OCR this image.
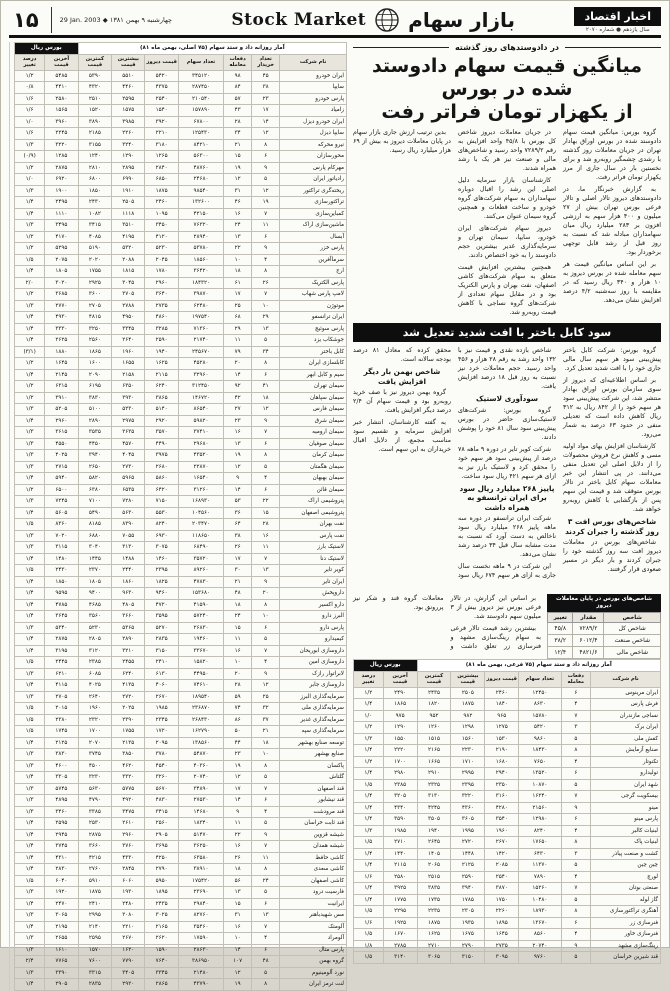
۱۵	29 Jan. 2003 ◆ چهارشنبه ۹ بهمن ۱۳۸۱	Stock Market بازار سهام	اخبار اقتصاد
سال یازدهم ● شماره ۲۰۷۰
آمار روزانه داد و ستد سهام (۷۵ اصلی، بهمن ماه ۸۱)							بورس ریال	
نام شرکت	تعداد خریدار	دفعات معامله	تعداد سهام	قیمت دیروز	بیشترین قیمت	کمترین قیمت	آخرین قیمت	درصد تغییر
ایران خودرو	۴۵	۹۸	۳۴۵۱۲۰	۵۴۲۰	۵۵۱۰	۵۳۹۰	۵۴۸۵	۱/۲
سایپا	۳۸	۸۴	۲۸۷۴۵۰	۴۳۷۵	۴۴۶۰	۴۳۲۰	۴۴۱۰	۰/۸
پارس خودرو	۲۳	۵۷	۲۱۰۵۴۰	۲۵۴۰	۲۵۹۵	۲۵۱۰	۲۵۸۰	۱/۶
زامیاد	۱۷	۴۳	۱۵۷۸۹۰	۱۵۴۰	۱۵۷۵	۱۵۲۰	۱۵۶۵	۱/۶
ایران خودرو دیزل	۱۴	۲۸	۶۷۸۰۰	۳۹۲۰	۳۹۸۵	۳۸۹۰	۳۹۶۰	۱/۰
سایپا دیزل	۱۲	۳۴	۱۲۵۴۳۰	۲۲۱۰	۲۲۶۰	۲۱۸۵	۲۲۴۵	۱/۶
نیرو محرکه	۸	۲۱	۸۴۲۱۰	۳۱۸۰	۳۲۴۰	۳۱۵۵	۳۲۲۰	۱/۳
محورسازان	۶	۱۵	۵۶۳۰۰	۱۲۶۵	۱۲۹۰	۱۲۴۰	۱۲۸۵	(۰/۹)
مهرکام پارس	۹	۱۹	۴۸۷۶۰	۲۸۴۰	۲۸۹۵	۲۸۱۰	۲۸۷۵	۱/۲
رادیاتور ایران	۵	۱۲	۲۴۶۸۰	۶۸۵۰	۶۹۹۰	۶۸۰۰	۶۹۲۰	۱/۰
ریخته‌گری تراکتور	۱۲	۳۱	۹۸۵۴۰	۱۸۷۵	۱۹۱۰	۱۸۵۰	۱۹۰۰	۱/۳
تراکتورسازی	۱۹	۴۶	۱۳۲۶۰۰	۲۴۶۰	۲۵۰۵	۲۴۳۰	۲۴۹۵	۱/۴
کمباین‌سازی	۷	۱۶	۴۲۱۵۰	۱۰۹۵	۱۱۱۸	۱۰۸۲	۱۱۱۰	۱/۴
ماشین‌سازی اراک	۱۱	۲۴	۷۶۳۲۰	۳۴۵۰	۳۵۱۰	۳۴۱۵	۳۴۹۵	۱/۳
آبسال	۶	۱۳	۲۸۹۴۰	۴۱۲۰	۴۱۹۵	۴۰۸۵	۴۱۷۰	۱/۲
پارس خزر	۹	۲۲	۵۳۷۸۰	۵۲۳۰	۵۳۲۰	۵۱۹۰	۵۲۹۵	۱/۲
سرماآفرین	۴	۱۰	۱۸۵۶۰	۲۰۴۵	۲۰۸۸	۲۰۲۰	۲۰۷۵	۱/۵
ارج	۸	۱۸	۳۶۴۲۰	۱۷۸۰	۱۸۱۵	۱۷۵۵	۱۸۰۵	۱/۴
پارس الکتریک	۲۶	۶۱	۱۸۴۳۲۰	۲۹۶۰	۳۰۴۵	۲۹۲۵	۳۰۲۰	۲/۰
لامپ پارس شهاب	۷	۱۷	۳۹۸۷۰	۳۶۴۰	۳۷۰۵	۳۶۰۰	۳۶۸۵	۱/۲
موتوژن	۱۰	۲۵	۶۲۴۸۰	۲۷۳۵	۲۷۸۸	۲۷۰۵	۲۷۷۰	۱/۳
ایران ترانسفو	۲۹	۶۸	۱۹۷۵۴۰	۴۸۶۰	۴۹۵۰	۴۸۱۵	۴۹۳۰	۱/۴
پارس سوئیچ	۱۳	۲۹	۷۱۳۶۰	۳۲۸۵	۳۳۴۵	۳۲۵۰	۳۳۳۰	۱/۴
جوشکاب یزد	۵	۱۱	۲۱۷۴۰	۲۵۹۰	۲۶۴۰	۲۵۶۰	۲۶۲۵	۱/۴
کابل باختر	۳۴	۷۹	۲۴۵۶۷۰	۱۹۴۰	۱۹۶۰	۱۸۶۵	۱۸۸۰	(۳/۱)
کابلسازی ایران	۸	۲۰	۴۵۲۸۰	۱۶۲۵	۱۶۵۵	۱۶۰۰	۱۶۴۵	۱/۲
سیم و کابل ابهر	۶	۱۴	۳۲۹۶۰	۲۱۱۵	۲۱۵۸	۲۰۹۰	۲۱۴۵	۱/۴
سیمان تهران	۴۱	۹۲	۳۱۲۴۵۰	۶۲۴۰	۶۳۵۰	۶۱۹۵	۶۳۱۵	۱/۲
سیمان سپاهان	۱۸	۴۲	۱۴۶۷۲۰	۳۸۶۵	۳۹۳۰	۳۸۳۰	۳۹۱۰	۱/۲
سیمان فارس	۱۲	۲۷	۸۶۵۴۰	۵۱۴۰	۵۲۳۰	۵۱۰۰	۵۲۰۵	۱/۳
سیمان شرق	۹	۲۳	۵۹۸۲۰	۲۹۲۰	۲۹۷۵	۲۸۹۰	۲۹۶۰	۱/۴
سیمان ارومیه	۷	۱۶	۳۷۴۱۰	۳۵۷۰	۳۶۳۵	۳۵۳۵	۳۶۱۵	۱/۳
سیمان صوفیان	۶	۱۳	۲۹۶۸۰	۴۴۹۰	۴۵۷۰	۴۴۵۰	۴۵۵۰	۱/۳
سیمان کرمان	۸	۱۹	۴۳۵۲۰	۳۹۷۵	۴۰۴۵	۳۹۴۰	۴۰۲۵	۱/۳
سیمان هگمتان	۵	۱۲	۲۲۸۷۰	۲۶۸۰	۲۷۳۰	۲۶۵۰	۲۷۱۵	۱/۳
سیمان بهبهان	۴	۹	۱۶۵۴۰	۵۸۶۰	۵۹۶۵	۵۸۲۰	۵۹۴۰	۱/۴
سیمان قائن	۶	۱۴	۳۱۲۶۰	۶۴۲۰	۶۵۳۵	۶۳۸۰	۶۵۰۰	۱/۲
پتروشیمی اراک	۲۲	۵۳	۱۶۸۹۳۰	۷۱۵۰	۷۲۸۰	۷۱۰۰	۷۲۴۵	۱/۳
پتروشیمی اصفهان	۱۵	۳۶	۱۰۴۵۶۰	۵۵۳۰	۵۶۳۰	۵۴۹۰	۵۶۰۵	۱/۴
نفت بهران	۲۸	۶۴	۲۰۳۴۷۰	۸۲۴۰	۸۳۹۰	۸۱۸۵	۸۳۶۰	۱/۵
نفت پارس	۱۶	۳۸	۱۱۸۶۵۰	۶۹۳۰	۷۰۵۵	۶۸۸۰	۷۰۲۰	۱/۳
لاستیک بارز	۱۱	۲۶	۶۸۴۹۰	۳۰۷۵	۳۱۳۰	۳۰۴۰	۳۱۱۵	۱/۳
لاستیک دنا	۷	۱۷	۳۵۷۲۰	۱۴۶۰	۱۴۸۸	۱۴۴۵	۱۴۸۰	۱/۴
کویر تایر	۱۳	۳۰	۸۹۲۶۰	۲۳۹۵	۲۴۴۰	۲۳۷۰	۲۴۳۰	۱/۵
ایران تایر	۹	۲۱	۴۷۸۳۰	۱۸۲۵	۱۸۶۰	۱۸۰۵	۱۸۵۰	۱/۴
داروپخش	۲۰	۴۸	۱۵۳۶۸۰	۹۴۶۰	۹۶۳۰	۹۴۰۰	۹۵۹۵	۱/۴
دارو اکسیر	۸	۱۸	۴۱۵۹۰	۴۷۲۰	۴۸۰۵	۴۶۸۵	۴۷۸۵	۱/۴
البرز دارو	۱۰	۲۴	۵۷۲۴۰	۳۵۹۵	۳۶۶۰	۳۵۶۰	۳۶۴۵	۱/۴
پارس دارو	۶	۱۵	۲۶۸۳۰	۵۲۷۰	۵۳۶۵	۵۲۳۰	۵۳۴۰	۱/۳
کیمیدارو	۵	۱۱	۱۹۴۶۰	۲۸۳۵	۲۸۹۰	۲۸۰۵	۲۸۷۵	۱/۴
داروسازی ابوریحان	۷	۱۶	۳۳۶۷۰	۳۱۵۰	۳۲۱۰	۳۱۲۰	۳۱۹۵	۱/۴
داروسازی امین	۴	۱۰	۱۵۸۲۰	۲۴۱۰	۲۴۵۵	۲۳۸۵	۲۴۴۵	۱/۵
لابراتوار رازک	۹	۲۰	۴۴۹۵۰	۶۱۳۰	۶۲۴۰	۶۰۸۵	۶۲۱۰	۱/۳
داروسازی جابر	۱۲	۲۸	۷۴۶۱۰	۴۰۶۰	۴۱۳۵	۴۰۲۵	۴۱۱۵	۱/۴
سرمایه‌گذاری البرز	۲۵	۵۹	۱۸۹۵۴۰	۲۶۷۰	۲۷۲۰	۲۶۴۰	۲۷۰۵	۱/۳
سرمایه‌گذاری ملی	۳۲	۷۴	۲۳۶۸۷۰	۱۹۸۵	۲۰۲۵	۱۹۶۰	۲۰۱۵	۱/۵
سرمایه‌گذاری غدیر	۳۷	۸۶	۲۶۸۴۳۰	۲۳۴۵	۲۳۹۰	۲۳۲۰	۲۳۸۰	۱/۵
سرمایه‌گذاری سپه	۲۱	۵۰	۱۶۲۷۹۰	۱۷۲۰	۱۷۵۵	۱۷۰۰	۱۷۴۵	۱/۵
توسعه صنایع بهشهر	۱۸	۴۴	۱۳۸۵۶۰	۲۰۹۵	۲۱۳۵	۲۰۷۰	۲۱۲۵	۱/۴
صنایع بهشهر	۱۰	۲۳	۵۴۸۷۰	۳۷۸۰	۳۸۵۰	۳۷۴۵	۳۸۳۰	۱/۳
پاکسان	۸	۱۹	۴۰۳۶۰	۴۵۴۰	۴۶۲۰	۴۵۰۰	۴۶۰۰	۱/۳
گلتاش	۵	۱۲	۲۰۷۴۰	۳۲۶۰	۳۳۲۰	۳۲۳۰	۳۳۰۵	۱/۴
قند اصفهان	۷	۱۷	۳۴۸۹۰	۵۶۷۰	۵۷۷۵	۵۶۳۰	۵۷۴۵	۱/۳
قند نیشابور	۶	۱۴	۲۷۵۳۰	۴۸۳۰	۴۹۲۰	۴۷۹۰	۴۸۹۵	۱/۳
قند مرودشت	۴	۹	۱۴۶۸۰	۳۴۱۵	۳۴۷۵	۳۳۸۵	۳۴۶۰	۱/۳
قند ثابت خراسان	۵	۱۱	۱۸۳۴۰	۲۵۶۰	۲۶۱۰	۲۵۳۰	۲۵۹۵	۱/۴
شیشه قزوین	۹	۲۲	۵۱۴۷۰	۲۹۰۵	۲۹۶۰	۲۸۷۵	۲۹۴۵	۱/۴
شیشه همدان	۷	۱۶	۳۶۲۵۰	۳۶۹۵	۳۷۶۰	۳۶۶۰	۳۷۴۵	۱/۴
کاشی حافظ	۱۱	۲۶	۶۳۵۸۰	۴۲۵۰	۴۳۳۰	۴۲۱۵	۴۳۱۰	۱/۴
کاشی سعدی	۸	۱۸	۳۸۹۱۰	۲۷۹۰	۲۸۴۵	۲۷۶۰	۲۸۳۰	۱/۴
کاشی اصفهان	۲۴	۵۶	۱۷۵۴۲۰	۵۹۵۰	۶۰۶۰	۵۹۱۰	۶۰۴۰	۱/۵
فارسیت درود	۵	۱۳	۲۳۶۹۰	۱۸۹۵	۱۹۳۰	۱۸۷۵	۱۹۲۰	۱/۳
ایرانیت	۶	۱۵	۲۹۸۴۰	۲۴۳۵	۲۴۸۰	۲۴۱۰	۲۴۷۰	۱/۴
مس شهیدباهنر	۱۳	۳۱	۸۲۷۶۰	۳۰۲۵	۳۰۸۰	۲۹۹۵	۳۰۶۵	۱/۳
آلومتک	۷	۱۶	۳۵۴۶۰	۲۱۶۵	۲۲۱۰	۲۱۴۰	۲۱۹۵	۱/۴
آلومراد	۴	۱۰	۱۷۵۹۰	۲۶۲۰	۲۶۷۰	۲۵۹۵	۲۶۵۵	۱/۳
پارس متال	۶	۱۴	۲۸۶۳۰	۱۵۹۰	۱۶۲۰	۱۵۷۰	۱۶۱۰	۱/۳
گروه بهمن	۴۸	۱۰۷	۳۸۶۹۵۰	۷۶۴۰	۷۷۹۰	۷۶۰۰	۷۷۶۵	۲/۴
نورد آلومینیوم	۵	۱۲	۲۱۴۸۰	۳۳۴۵	۳۴۰۵	۳۳۱۵	۳۳۹۰	۱/۳
لنت ترمز ایران	۸	۱۹	۴۳۷۹۰	۲۸۶۵	۲۹۲۰	۲۸۳۵	۲۹۰۵	۱/۴
در دادوستدهای روز گذشته
میانگین قیمت سهام دادوستد شده در بورس
از یکهزار تومان فراتر رفت

گروه بورس: میانگین قیمت سهام دادوستد شده در بورس اوراق بهادار تهران در جریان معاملات روز گذشته با رشدی چشمگیر روبه‌رو شد و برای نخستین بار در سال جاری از مرز یکهزار تومان فراتر رفت.

به گزارش خبرنگار ما، در دادوستدهای دیروز تالار اصلی و تالار فرعی بورس تهران بیش از ۲۷ میلیون و ۴۰۰ هزار سهم به ارزشی افزون بر ۲۸۳ میلیارد ریال میان سهامداران مبادله شد که نسبت به روز قبل از رشد قابل توجهی برخوردار بود.

بر این اساس میانگین قیمت هر سهم معامله شده در بورس دیروز به ۱۰ هزار و ۳۴۰ ریال رسید که در مقایسه با روز سه‌شنبه ۴/۲ درصد افزایش نشان می‌دهد.

در جریان معاملات دیروز شاخص کل بورس با ۴۵/۸ واحد افزایش به رقم ۷۲۸۹/۲ واحد رسید و شاخص‌های مالی و صنعت نیز هر یک با رشد همراه شدند.

کارشناسان بازار سرمایه دلیل اصلی این رشد را اقبال دوباره سهامداران به سهام شرکت‌های گروه خودرو و ساخت قطعات و همچنین گروه سیمان عنوان می‌کنند.

دیروز سهام شرکت‌های ایران خودرو، سایپا، سیمان تهران و سرمایه‌گذاری غدیر بیشترین حجم دادوستد را به خود اختصاص دادند.

همچنین بیشترین افزایش قیمت متعلق به سهام شرکت‌های کاشی اصفهان، نفت بهران و پارس الکتریک بود و در مقابل سهام تعدادی از شرکت‌های گروه نساجی با کاهش قیمت روبه‌رو شد.

بدین ترتیب ارزش جاری بازار سهام در پایان معاملات دیروز به بیش از ۶۹ هزار میلیارد ریال رسید.

سود کابل باختر با افت شدید تعدیل شد

گروه بورس: شرکت کابل باختر پیش‌بینی سود هر سهم سال مالی جاری خود را با افت شدید تعدیل کرد.

بر اساس اطلاعیه‌ای که دیروز از سوی سازمان بورس اوراق بهادار منتشر شد، این شرکت پیش‌بینی سود هر سهم خود را از ۸۴۲ ریال به ۳۱۲ ریال کاهش داده است که تعدیلی منفی در حدود ۶۳ درصد به شمار می‌رود.

کارشناسان افزایش بهای مواد اولیه مسی و کاهش نرخ فروش محصولات را از دلایل اصلی این تعدیل منفی می‌دانند. در پی انتشار این خبر معاملات سهام کابل باختر در تالار بورس متوقف شد و قیمت این سهم پس از بازگشایی با کاهش روبه‌رو خواهد شد.

شاخص‌های بورس افت ۳ روز گذشته را جبران کردند

شاخص‌های بورس در معاملات دیروز افت سه روز گذشته خود را جبران کردند و بار دیگر در مسیر صعودی قرار گرفتند.

شاخص بازده نقدی و قیمت نیز با ۱۳۲ واحد رشد به رقم ۲۸ هزار و ۴۵۶ واحد رسید. حجم معاملات خرد نیز نسبت به روز قبل ۱۸ درصد افزایش یافت.

سودآوری لاستیک

گروه بورس: شرکت‌های لاستیک‌سازی حاضر در بورس پیش‌بینی سود سال ۸۱ خود را پوشش دادند.

شرکت کویر تایر در دوره ۹ ماهه ۷۸ درصد از پیش‌بینی سود هر سهم خود را محقق کرد و لاستیک بارز نیز به ازای هر سهم ۴۲۱ ریال سود ساخت.

پاییز ۲۶۸ میلیارد ریال سود برای ایران ترانسفو به همراه داشت

شرکت ایران ترانسفو در دوره سه ماهه پاییز ۲۶۸ میلیارد ریال سود ناخالص به دست آورد که نسبت به مدت مشابه سال قبل ۳۴ درصد رشد نشان می‌دهد.

این شرکت در ۹ ماهه نخست سال جاری به ازای هر سهم ۶۷۴ ریال سود محقق کرده که معادل ۸۱ درصد بودجه سالانه است.

شاخص بهمن بار دیگر افزایش یافت

گروه بهمن دیروز نیز با صف خرید روبه‌رو بود و قیمت سهام آن ۲/۴ درصد دیگر افزایش یافت.

به گفته کارشناسان، انتشار خبر افزایش سرمایه و تقسیم سود مناسب مجمع، از دلایل اقبال خریداران به این سهم است.

شاخص‌های بورس در پایان معاملات دیروز
شاخص	مقدار	تغییر
شاخص کل	۷۲۸۹/۲	۴۵/۸
شاخص صنعت	۶۰۱۲/۴	۳۸/۲
شاخص مالی	۴۸۲۱/۶	۱۲/۴

بر اساس این گزارش، در تالار فرعی بورس نیز دیروز بیش از ۳ میلیون سهم دادوستد شد.

بیشترین رشد قیمت تالار فرعی به سهام رینگ‌سازی مشهد و فنرسازی زر تعلق داشت و معاملات گروه قند و شکر نیز پررونق بود.

آمار روزانه داد و ستد سهام (۷۵ فرعی، بهمن ماه ۸۱)						بورس ریال	
نام شرکت	دفعات معامله	تعداد سهام	قیمت دیروز	بیشترین قیمت	کمترین قیمت	آخرین قیمت	درصد تغییر
ایران مرینوس	۶	۱۲۴۵۰	۲۴۶۰	۲۵۰۵	۲۴۳۵	۲۴۹۰	۱/۲
فرش پارس	۴	۸۶۳۰	۱۸۴۰	۱۸۷۵	۱۸۲۰	۱۸۶۵	۱/۴
نساجی مازندران	۷	۱۵۷۸۰	۹۶۵	۹۸۲	۹۵۲	۹۷۵	۱/۰
ایران برک	۳	۵۴۲۰	۱۲۷۵	۱۲۹۸	۱۲۶۰	۱۲۹۰	۱/۲
کفش ملی	۵	۹۸۶۰	۱۵۳۰	۱۵۶۰	۱۵۱۵	۱۵۵۰	۱/۳
صنایع آزمایش	۸	۱۸۴۳۰	۲۱۹۰	۲۲۳۰	۲۱۶۵	۲۲۲۰	۱/۴
تکنوتار	۴	۷۶۵۰	۱۶۸۰	۱۷۱۰	۱۶۶۵	۱۷۰۰	۱/۲
تولیدارو	۶	۱۳۵۲۰	۲۹۴۰	۲۹۹۵	۲۹۱۰	۲۹۸۰	۱/۴
شهد ایران	۵	۱۰۸۷۰	۲۳۵۰	۲۳۹۵	۲۳۲۵	۲۳۸۵	۱/۵
بیسکویت گرجی	۷	۱۶۲۴۰	۳۱۶۰	۳۲۲۰	۳۱۳۰	۳۲۰۵	۱/۴
مینو	۹	۲۱۵۶۰	۴۲۸۰	۴۳۶۰	۴۲۴۵	۴۳۴۰	۱/۴
پارس مینو	۶	۱۲۹۸۰	۳۵۴۰	۳۶۰۵	۳۵۰۵	۳۵۹۰	۱/۴
لبنیات کالبر	۴	۸۲۴۰	۱۹۶۰	۱۹۹۵	۱۹۴۰	۱۹۸۵	۱/۳
لبنیات پاک	۸	۱۷۶۵۰	۲۶۷۰	۲۷۲۰	۲۶۴۵	۲۷۱۰	۱/۵
کشت و صنعت پیاذر	۳	۶۴۳۰	۱۴۲۰	۱۴۴۸	۱۴۰۵	۱۴۴۰	۱/۴
چین چین	۵	۱۱۳۷۰	۲۰۸۵	۲۱۲۵	۲۰۶۵	۲۱۱۵	۱/۴
لورچ	۴	۷۸۹۰	۲۵۴۰	۲۵۹۰	۲۵۱۵	۲۵۸۰	۱/۶
صنعتی بوتان	۷	۱۵۲۶۰	۳۸۷۰	۳۹۴۰	۳۸۳۵	۳۹۲۵	۱/۴
گاز لوله	۵	۱۰۴۸۰	۱۷۵۰	۱۷۸۵	۱۷۳۵	۱۷۷۵	۱/۴
آهنگری تراکتورسازی	۸	۱۸۹۳۰	۲۲۶۰	۲۳۰۵	۲۲۳۵	۲۲۹۵	۱/۵
فنرسازی زر	۶	۱۳۶۷۰	۱۸۹۵	۱۹۳۵	۱۸۷۵	۱۹۲۵	۱/۶
فنرسازی خاور	۴	۸۵۶۰	۱۶۴۵	۱۶۷۵	۱۶۲۵	۱۶۷۰	۱/۵
رینگ‌سازی مشهد	۹	۲۰۷۴۰	۲۷۳۵	۲۷۹۰	۲۷۱۰	۲۷۸۵	۱/۸
قند شیرین خراسان	۵	۹۷۶۰	۳۰۹۵	۳۱۵۰	۳۰۶۵	۳۱۴۰	۱/۵
